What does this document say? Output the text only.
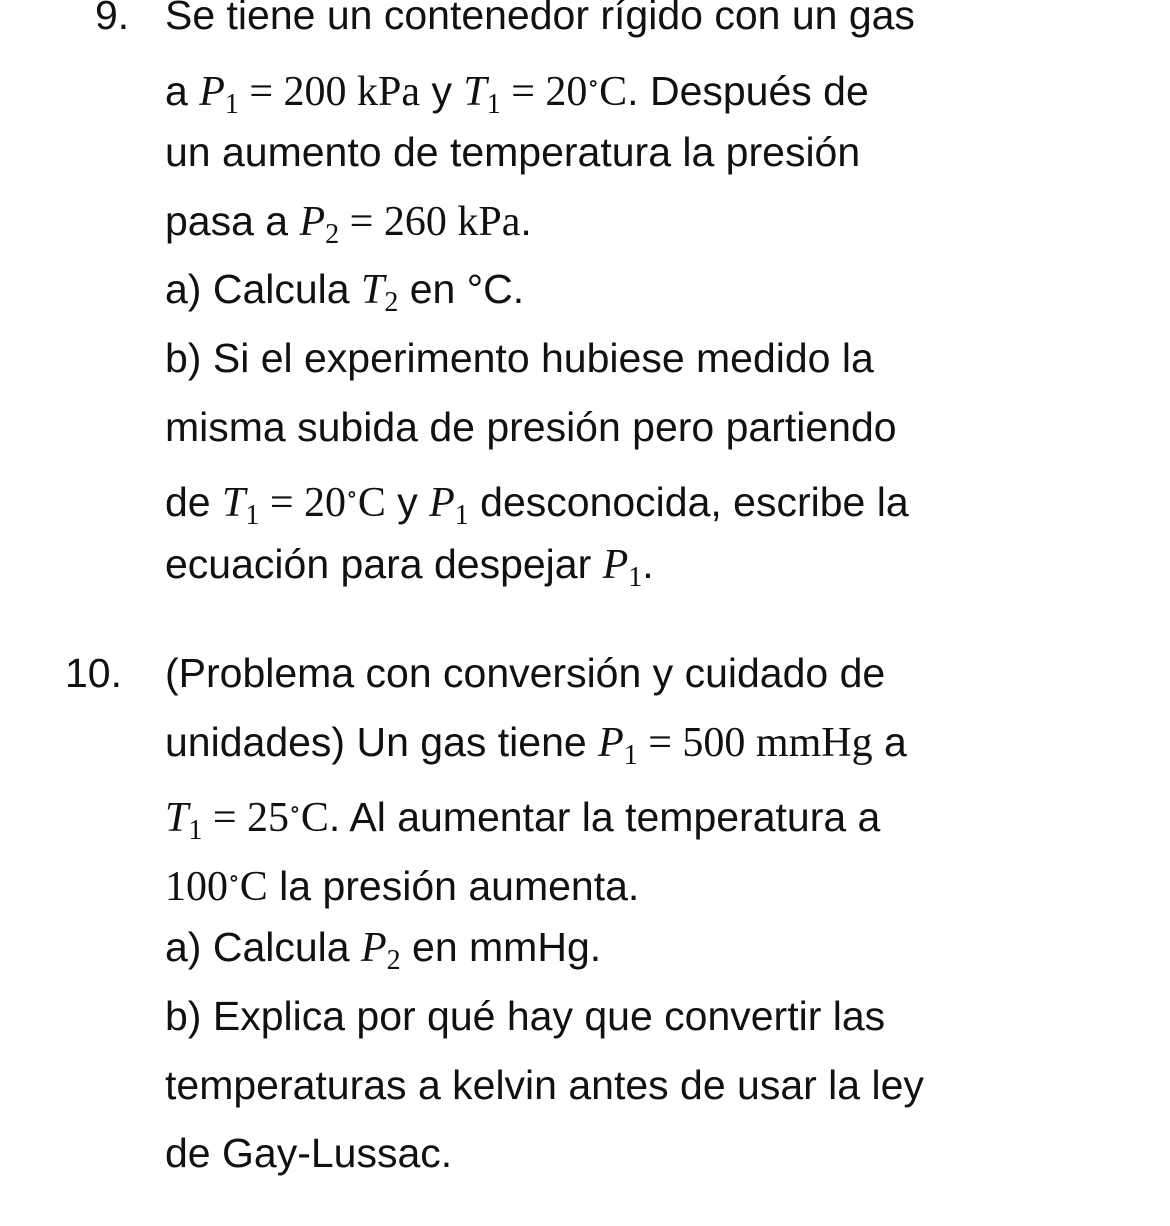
9. Se tiene un contenedor rígido con un gas
a $P_1 = 200$ kPa y $T_1 = 20^\circ C$. Después de
un aumento de temperatura la presión
pasa a $P_2 = 260$ kPa.
a) Calcula $T_2$ en °C.
b) Si el experimento hubiese medido la
misma subida de presión pero partiendo
de $T_1 = 20^\circ C$ y $P_1$ desconocida, escribe la
ecuación para despejar $P_1$.
10. (Problema con conversión y cuidado de
unidades) Un gas tiene $P_1 = 500$ mmHg a
$T_1 = 25^\circ C$. Al aumentar la temperatura a
100∘C la presión aumenta.
a) Calcula $P_2$ en mmHg.
b) Explica por qué hay que convertir las
temperaturas a kelvin antes de usar la ley
de Gay-Lussac.
